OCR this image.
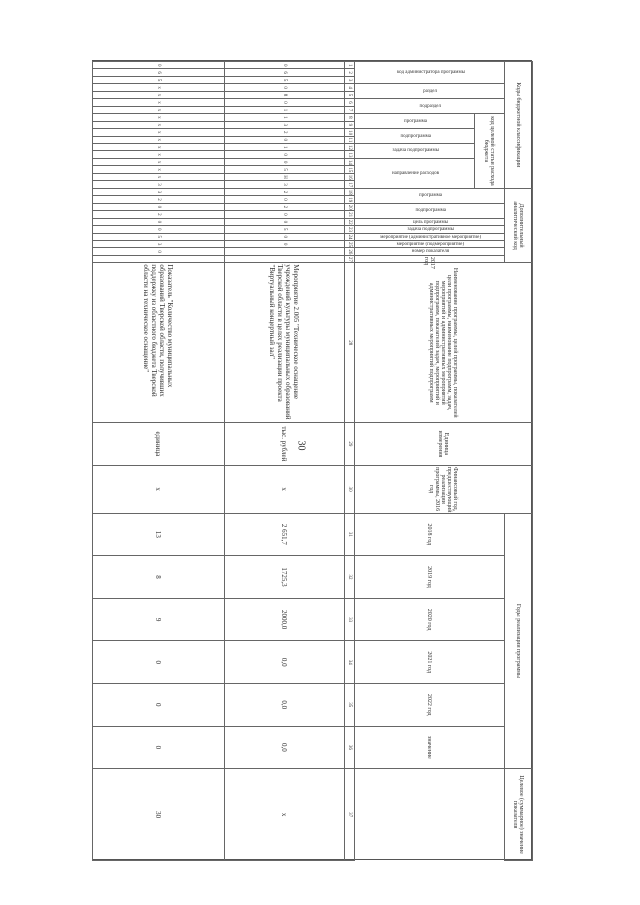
30
Коды бюджетной классификации																	Дополнительный аналитический код										Наименование программы, целей программы, показателей цели программы, наименование подпрограмм, задач, мероприятий и административных мероприятий подпрограмм, показателей задач, мероприятий и административных мероприятий подпрограмм	Единица измерения	Финансовый год, предшествующий реализации программы, 2016 год	Годы реализации программы						Целевое (суммарное) значение показателя
код администратора программы			раздел		подраздел		код целевой статьи расхода бюджета										программа		подпрограмма		цель программы	задача подпрограммы	мероприятие (административное мероприятие)	мероприятие (подмероприятие)	номер показателя	2017 год				2018 год	2019 год	2020 год	2021 год	2022 год	значение	
							программа		подпрограмма		задача подпрограммы		направление расходов																							
1	2	3	4	5	6	7	8	9	10	11	12	13	14	15	16	17	18	19	20	21	22	23	24	25	26	27	28	29	30	31	32	33	34	35	36	37
0	6	5	0	8	0	1	1	3	2	0	1	0	0	5	Н	3	2	0	2	0	0	5	0	0			Мероприятие 2.005 "Техническое оснащение учреждений культуры муниципальных образований Тверской области в целях реализации проекта "Виртуальный концертный зал"	тыс. рублей	х	2 651,7	1725,3	2000,0	0,0	0,0	0,0	х
0	6	5	х	х	х	х	х	х	х	х	х	х	х	х	х	3	3	2	0	2	0	0	5	3	0		Показатель "Количество муниципальных образований Тверской области, получивших поддержку из областного бюджета Тверской области на техническое оснащение"	единица	х	13	8	9	0	0	0	30
